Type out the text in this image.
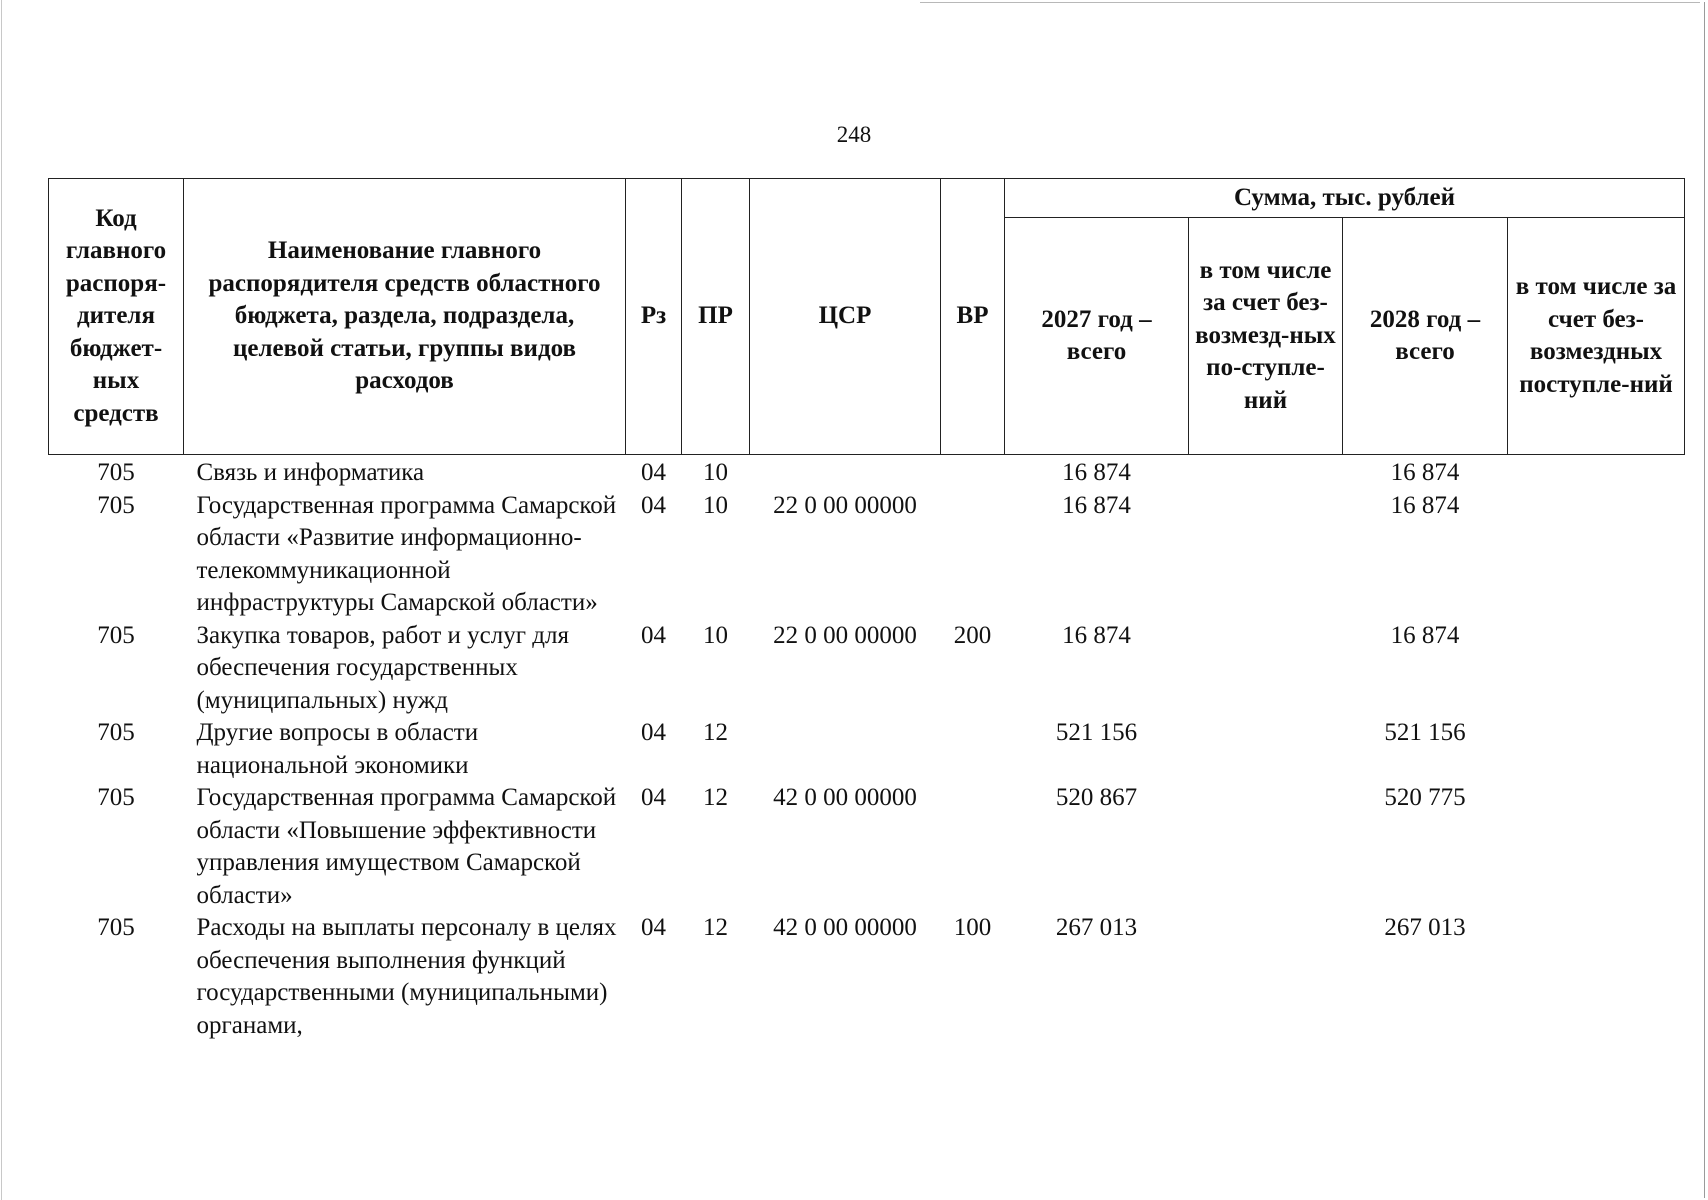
248
Код главного распоря-дителя бюджет-ных средств	Наименование главного распорядителя средств областного бюджета, раздела, подраздела, целевой статьи, группы видов расходов	Рз	ПР	ЦСР	ВР	Сумма, тыс. рублей			
						2027 год – всего	в том числе за счет без-возмезд-ных по-ступле-ний	2028 год – всего	в том числе за счет без-возмездных поступле-ний
705	Связь и информатика	04	10			16 874		16 874	
705	Государственная программа Самарской области «Развитие информационно-телекоммуникационной инфраструктуры Самарской области»	04	10	22 0 00 00000		16 874		16 874	
705	Закупка товаров, работ и услуг для обеспечения государственных (муниципальных) нужд	04	10	22 0 00 00000	200	16 874		16 874	
705	Другие вопросы в области национальной экономики	04	12			521 156		521 156	
705	Государственная программа Самарской области «Повышение эффективности управления имуществом Самарской области»	04	12	42 0 00 00000		520 867		520 775	
705	Расходы на выплаты персоналу в целях обеспечения выполнения функций государственными (муниципальными) органами,	04	12	42 0 00 00000	100	267 013		267 013	
